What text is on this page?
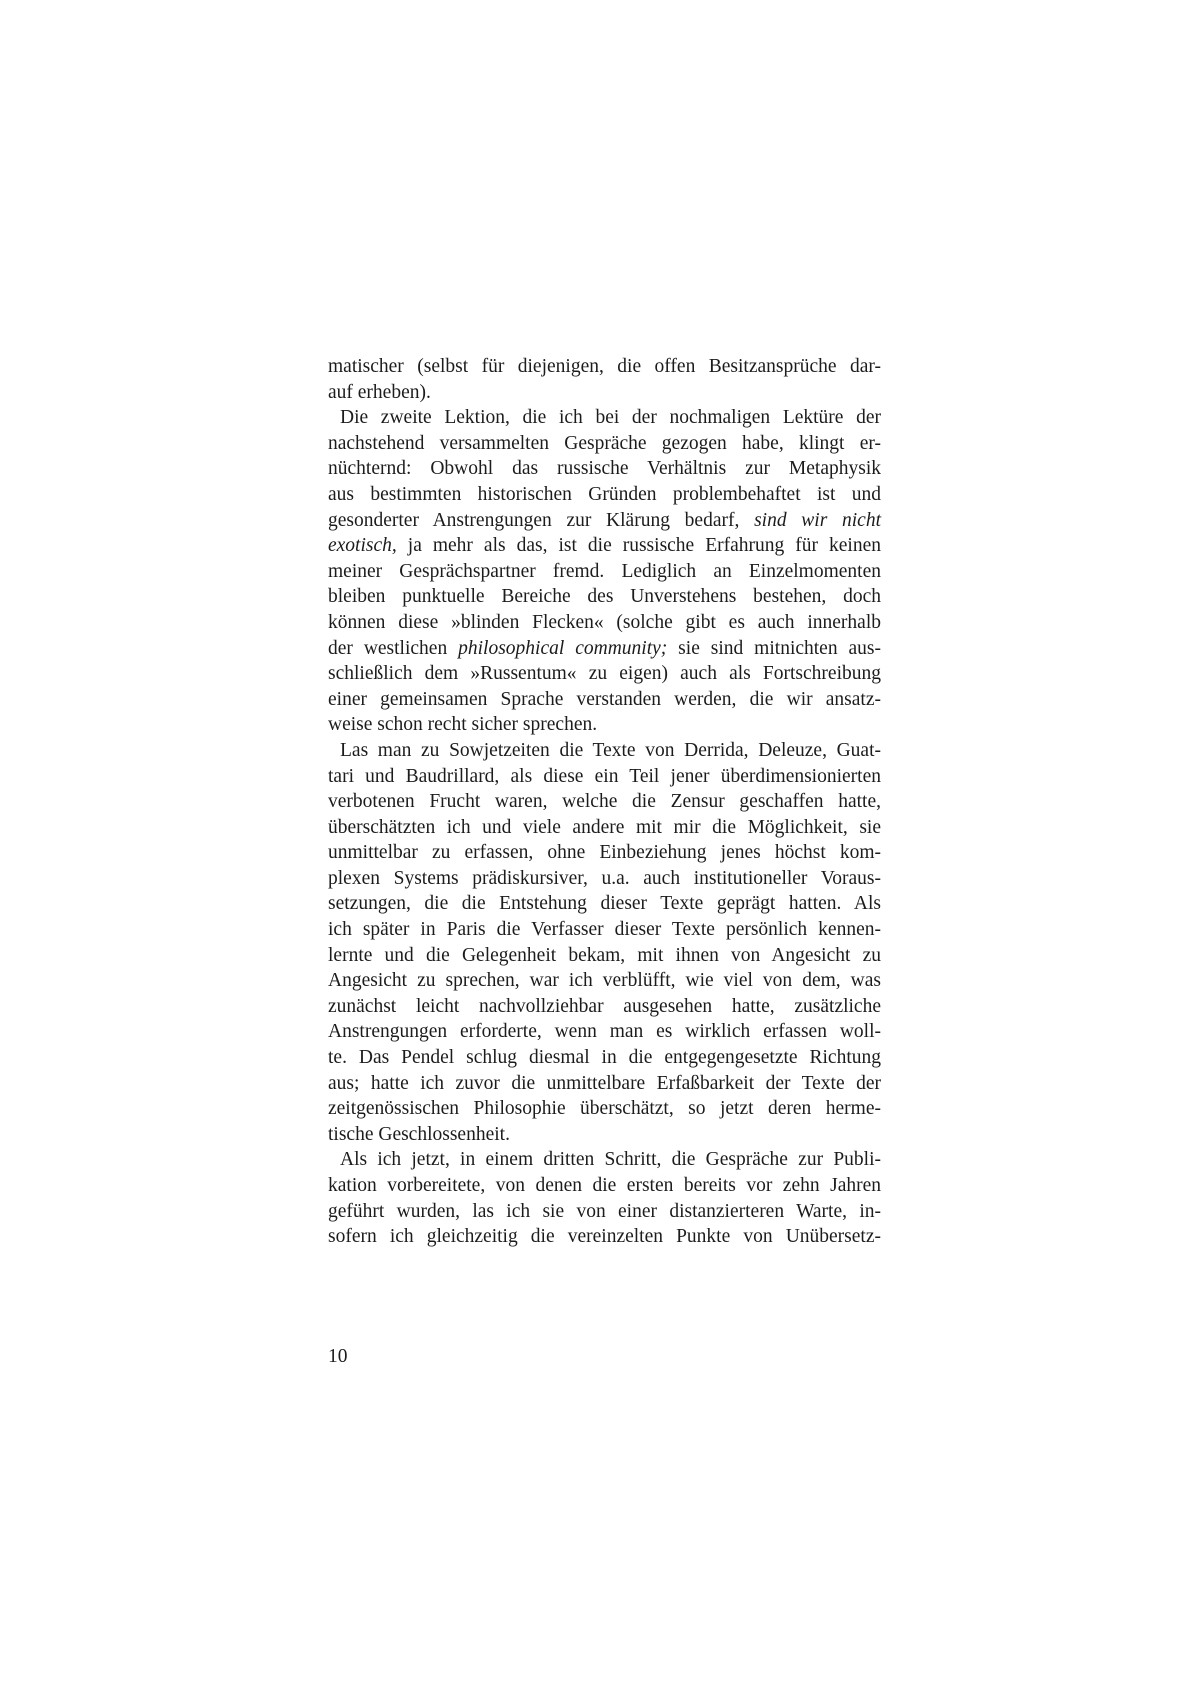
matischer (selbst für diejenigen, die offen Besitzansprüche dar-
auf erheben).
Die zweite Lektion, die ich bei der nochmaligen Lektüre der
nachstehend versammelten Gespräche gezogen habe, klingt er-
nüchternd: Obwohl das russische Verhältnis zur Metaphysik
aus bestimmten historischen Gründen problembehaftet ist und
gesonderter Anstrengungen zur Klärung bedarf, sind wir nicht
exotisch, ja mehr als das, ist die russische Erfahrung für keinen
meiner Gesprächspartner fremd. Lediglich an Einzelmomenten
bleiben punktuelle Bereiche des Unverstehens bestehen, doch
können diese »blinden Flecken« (solche gibt es auch innerhalb
der westlichen philosophical community; sie sind mitnichten aus-
schließlich dem »Russentum« zu eigen) auch als Fortschreibung
einer gemeinsamen Sprache verstanden werden, die wir ansatz-
weise schon recht sicher sprechen.
Las man zu Sowjetzeiten die Texte von Derrida, Deleuze, Guat-
tari und Baudrillard, als diese ein Teil jener überdimensionierten
verbotenen Frucht waren, welche die Zensur geschaffen hatte,
überschätzten ich und viele andere mit mir die Möglichkeit, sie
unmittelbar zu erfassen, ohne Einbeziehung jenes höchst kom-
plexen Systems prädiskursiver, u.a. auch institutioneller Voraus-
setzungen, die die Entstehung dieser Texte geprägt hatten. Als
ich später in Paris die Verfasser dieser Texte persönlich kennen-
lernte und die Gelegenheit bekam, mit ihnen von Angesicht zu
Angesicht zu sprechen, war ich verblüfft, wie viel von dem, was
zunächst leicht nachvollziehbar ausgesehen hatte, zusätzliche
Anstrengungen erforderte, wenn man es wirklich erfassen woll-
te. Das Pendel schlug diesmal in die entgegengesetzte Richtung
aus; hatte ich zuvor die unmittelbare Erfaßbarkeit der Texte der
zeitgenössischen Philosophie überschätzt, so jetzt deren herme-
tische Geschlossenheit.
Als ich jetzt, in einem dritten Schritt, die Gespräche zur Publi-
kation vorbereitete, von denen die ersten bereits vor zehn Jahren
geführt wurden, las ich sie von einer distanzierteren Warte, in-
sofern ich gleichzeitig die vereinzelten Punkte von Unübersetz-
10
